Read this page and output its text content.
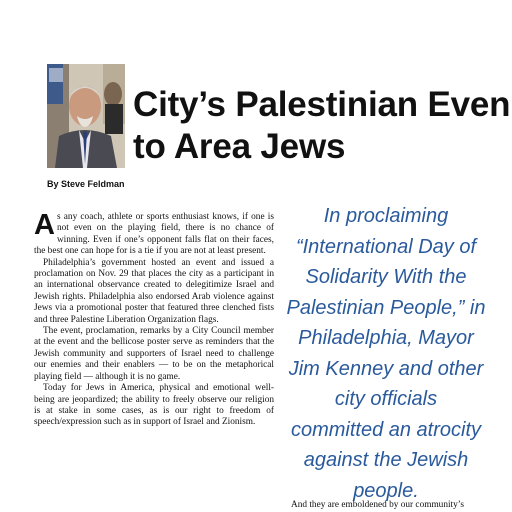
City’s Palestinian Even
to Area Jews
By Steve Feldman

As any coach, athlete or sports enthusiast knows, if one is not even on the playing field, there is no chance of winning. Even if one’s opponent falls flat on their faces, the best one can hope for is a tie if you are not at least present.

Philadelphia’s government hosted an event and issued a proclamation on Nov. 29 that places the city as a participant in an international observance created to delegitimize Israel and Jewish rights. Philadelphia also endorsed Arab violence against Jews via a promotional poster that featured three clenched fists and three Palestine Liberation Organization flags.

The event, proclamation, remarks by a City Council member at the event and the bellicose poster serve as reminders that the Jewish community and supporters of Israel need to challenge our enemies and their enablers — to be on the metaphorical playing field — although it is no game.

Today for Jews in America, physical and emotional well-being are jeopardized; the ability to freely observe our religion is at stake in some cases, as is our right to freedom of speech/expression such as in support of Israel and Zionism.

In proclaiming “International Day of Solidarity With the Palestinian People,” in Philadelphia, Mayor Jim Kenney and other city officials committed an atrocity against the Jewish people.
And they are emboldened by our community’s
